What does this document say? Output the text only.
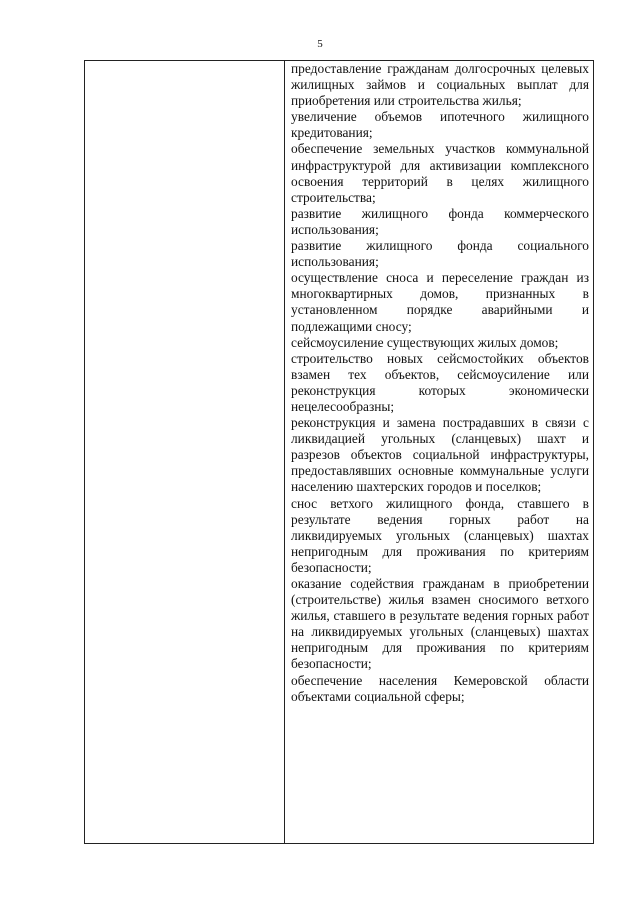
5
предоставление гражданам долгосрочных целевых жилищных займов и социальных выплат для приобретения или строительства жилья;
увеличение объемов ипотечного жилищного кредитования;
обеспечение земельных участков коммунальной инфраструктурой для активизации комплексного освоения территорий в целях жилищного строительства;
развитие жилищного фонда коммерческого использования;
развитие жилищного фонда социального использования;
осуществление сноса и переселение граждан из многоквартирных домов, признанных в установленном порядке аварийными и подлежащими сносу;
сейсмоусиление существующих жилых домов;
строительство новых сейсмостойких объектов взамен тех объектов, сейсмоусиление или реконструкция которых экономически нецелесообразны;
реконструкция и замена пострадавших в связи с ликвидацией угольных (сланцевых) шахт и разрезов объектов социальной инфраструктуры, предоставлявших основные коммунальные услуги населению шахтерских городов и поселков;
снос ветхого жилищного фонда, ставшего в результате ведения горных работ на ликвидируемых угольных (сланцевых) шахтах непригодным для проживания по критериям безопасности;
оказание содействия гражданам в приобретении (строительстве) жилья взамен сносимого ветхого жилья, ставшего в результате ведения горных работ на ликвидируемых угольных (сланцевых) шахтах непригодным для проживания по критериям безопасности;
обеспечение населения Кемеровской области объектами социальной сферы;
